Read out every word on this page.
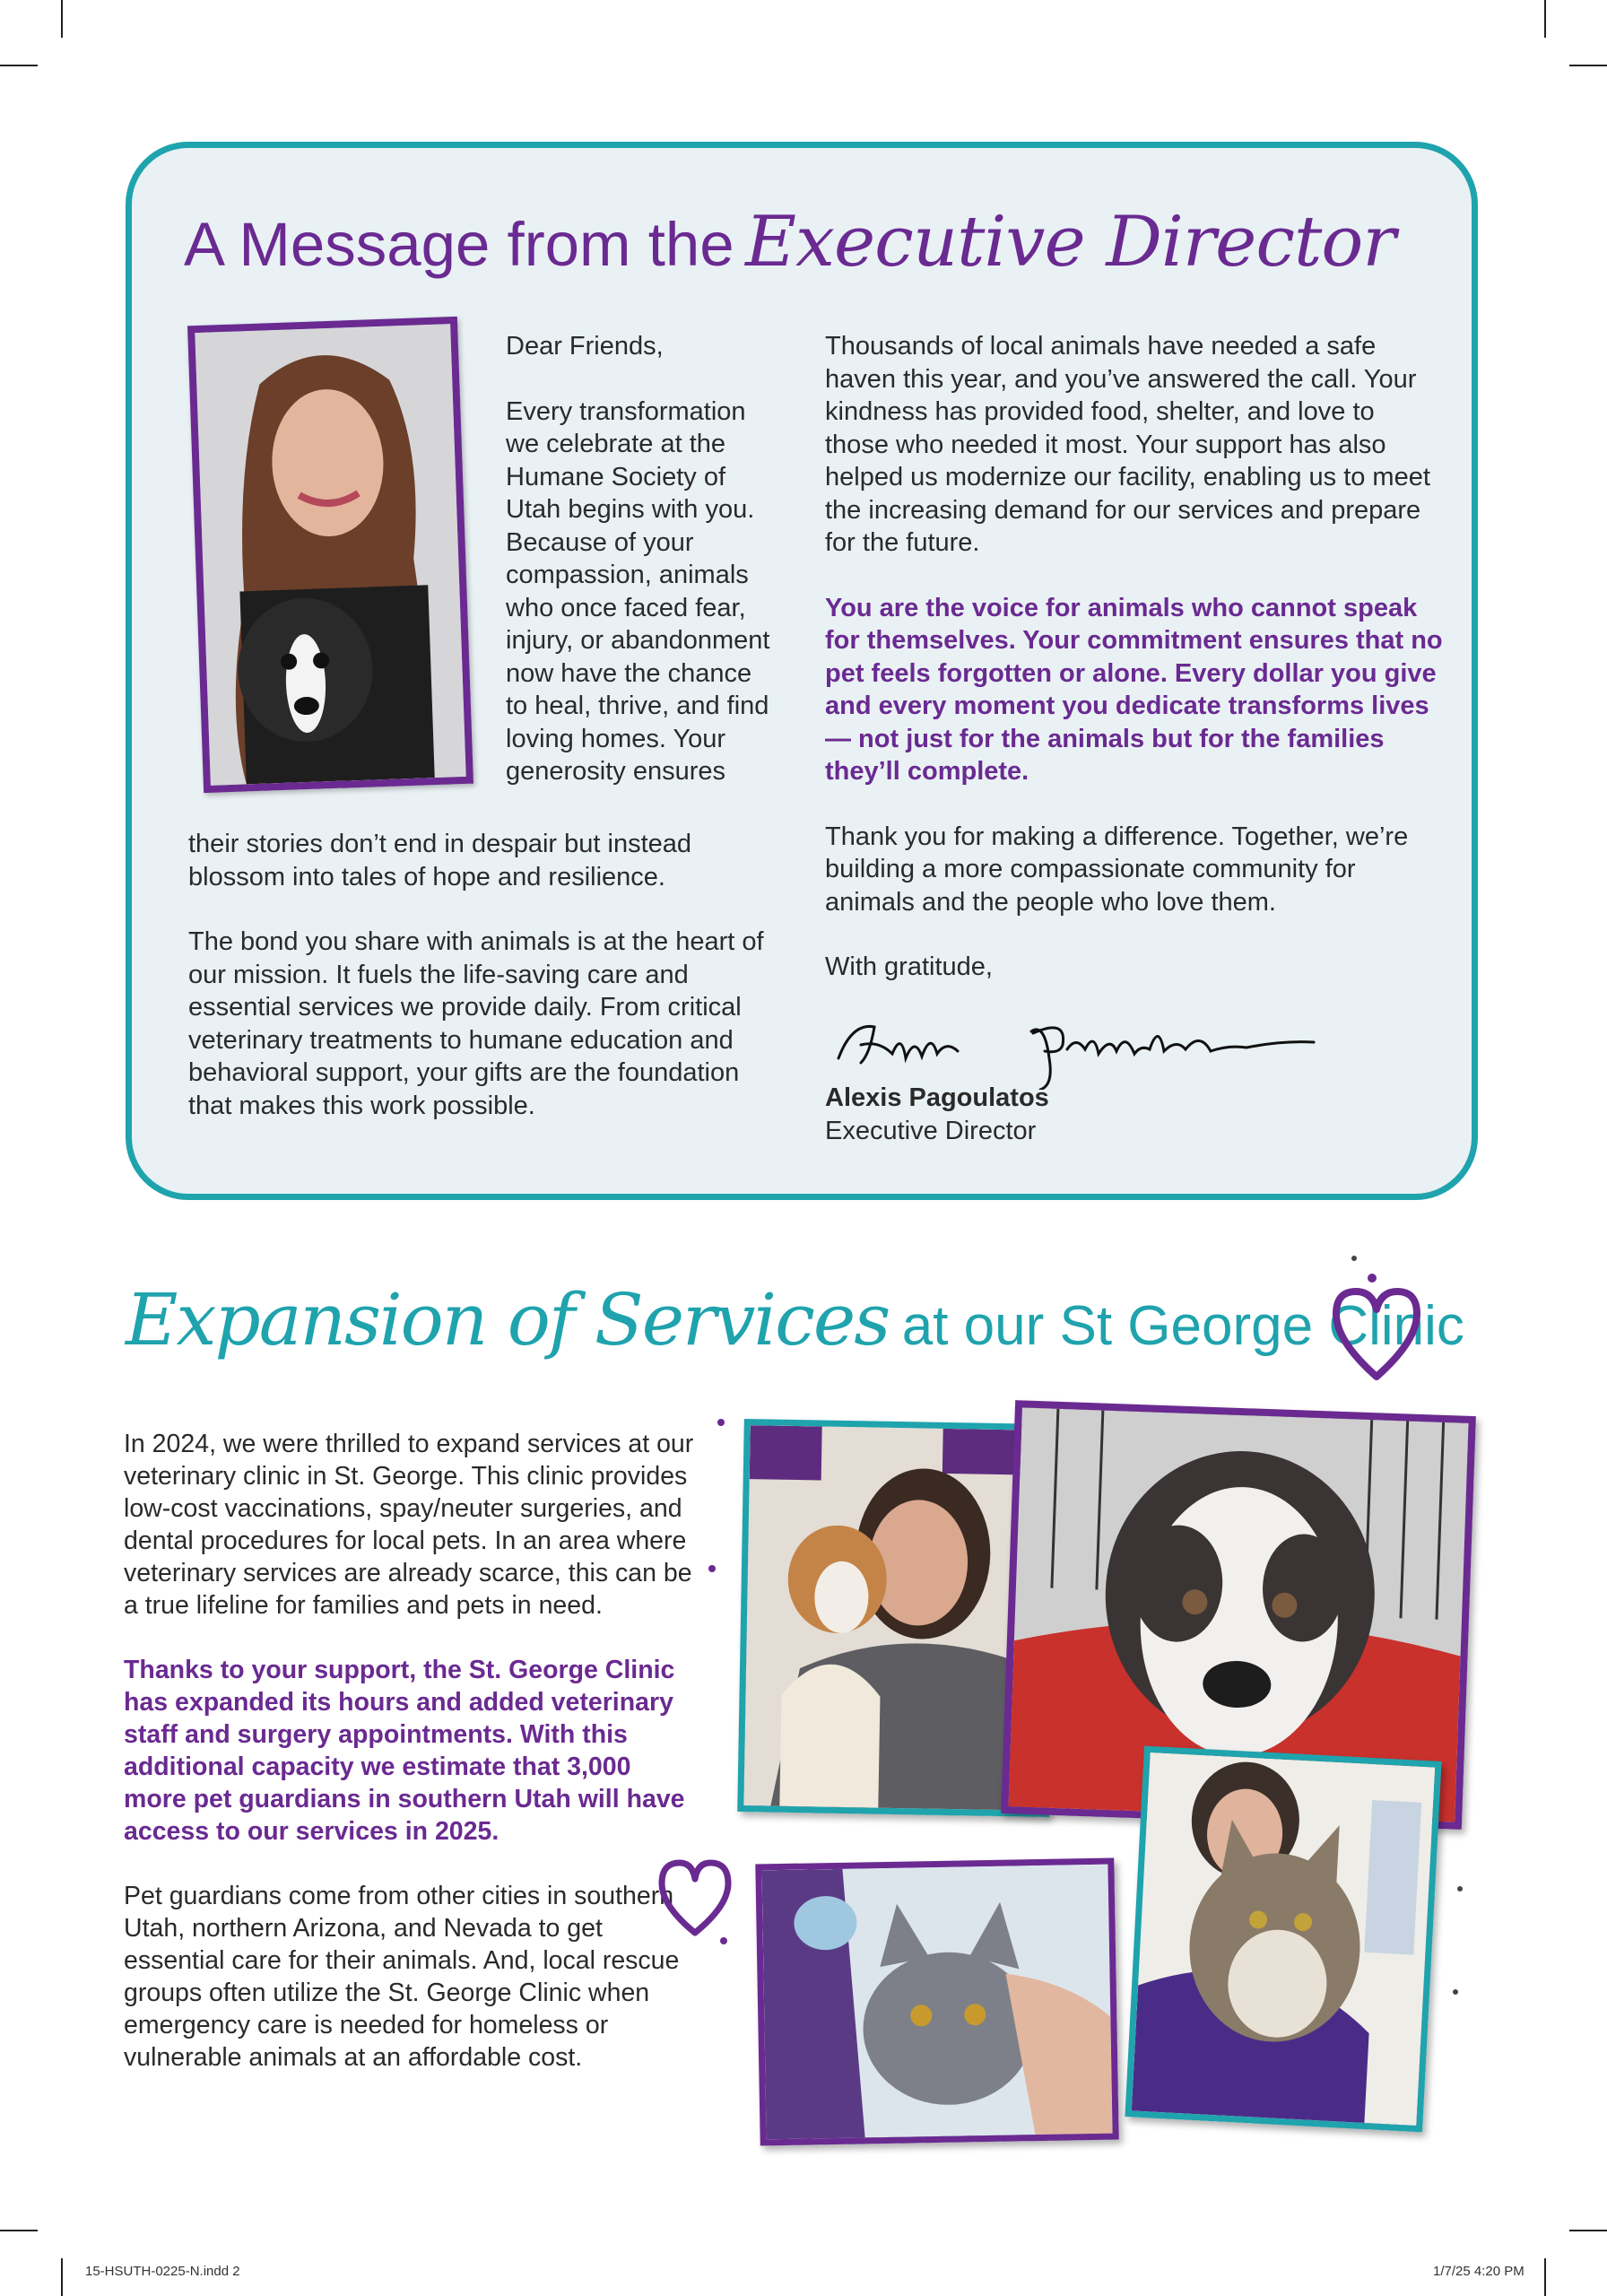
A Message from the Executive Director

Dear Friends,

Every transformation we celebrate at the Humane Society of Utah begins with you. Because of your compassion, animals who once faced fear, injury, or abandonment now have the chance to heal, thrive, and find loving homes. Your generosity ensures

their stories don’t end in despair but instead blossom into tales of hope and resilience.

The bond you share with animals is at the heart of our mission. It fuels the life-saving care and essential services we provide daily. From critical veterinary treatments to humane education and behavioral support, your gifts are the foundation that makes this work possible.

Thousands of local animals have needed a safe haven this year, and you’ve answered the call. Your kindness has provided food, shelter, and love to those who needed it most. Your support has also helped us modernize our facility, enabling us to meet the increasing demand for our services and prepare for the future.

You are the voice for animals who cannot speak for themselves. Your commitment ensures that no pet feels forgotten or alone. Every dollar you give and every moment you dedicate transforms lives — not just for the animals but for the families they’ll complete.

Thank you for making a difference. Together, we’re building a more compassionate community for animals and the people who love them.

With gratitude,

Alexis Pagoulatos
Executive Director
Expansion of Services at our St George Clinic

In 2024, we were thrilled to expand services at our veterinary clinic in St. George. This clinic provides low-cost vaccinations, spay/neuter surgeries, and dental procedures for local pets. In an area where veterinary services are already scarce, this can be a true lifeline for families and pets in need.

Thanks to your support, the St. George Clinic has expanded its hours and added veterinary staff and surgery appointments. With this additional capacity we estimate that 3,000 more pet guardians in southern Utah will have access to our services in 2025.

Pet guardians come from other cities in southern Utah, northern Arizona, and Nevada to get essential care for their animals. And, local rescue groups often utilize the St. George Clinic when emergency care is needed for homeless or vulnerable animals at an affordable cost.

15-HSUTH-0225-N.indd 2	1/7/25 4:20 PM
